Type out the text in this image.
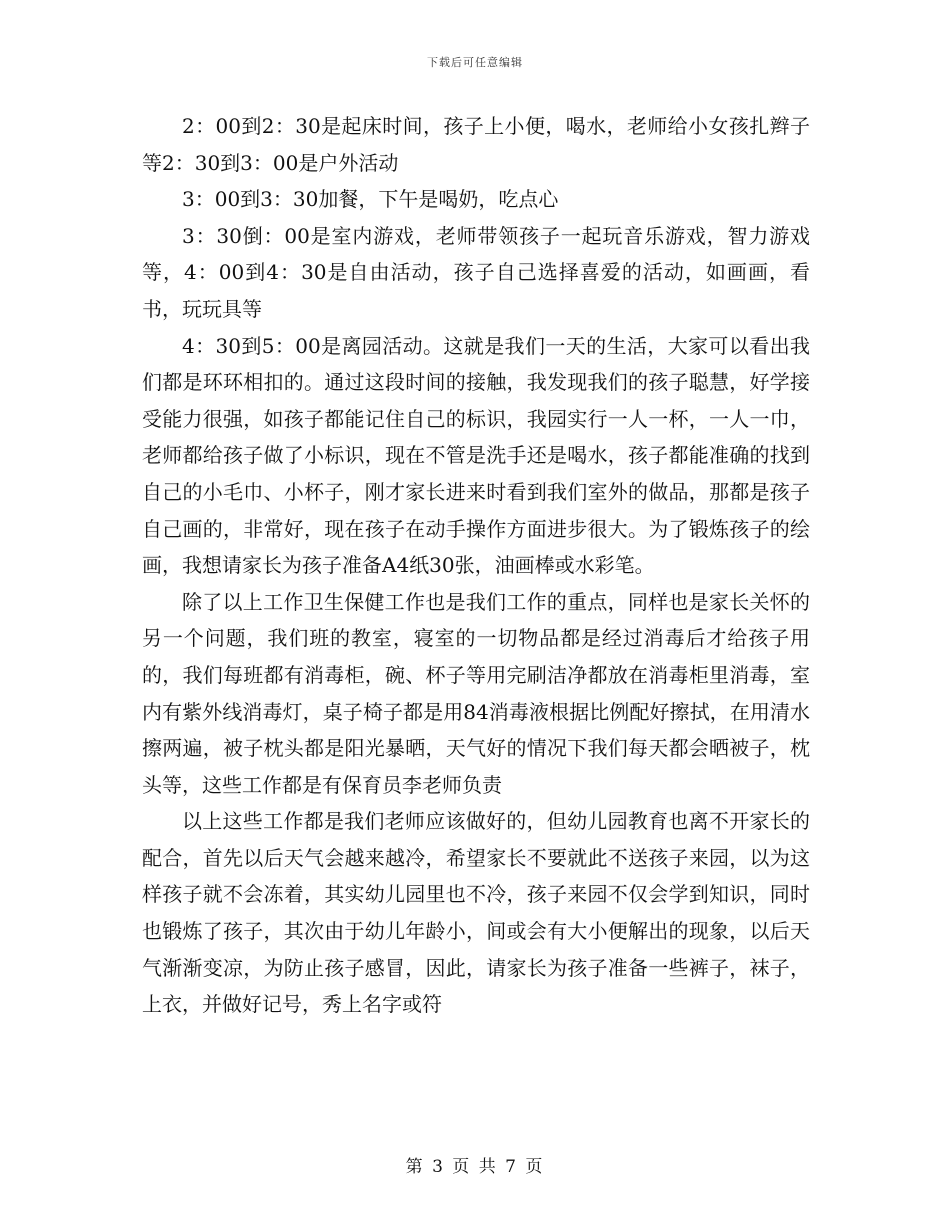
下载后可任意编辑

2：00到2：30是起床时间，孩子上小便，喝水，老师给小女孩扎辫子等2：30到3：00是户外活动

3：00到3：30加餐，下午是喝奶，吃点心

3：30倒：00是室内游戏，老师带领孩子一起玩音乐游戏，智力游戏等，4：00到4：30是自由活动，孩子自己选择喜爱的活动，如画画，看书，玩玩具等

4：30到5：00是离园活动。这就是我们一天的生活，大家可以看出我们都是环环相扣的。通过这段时间的接触，我发现我们的孩子聪慧，好学接受能力很强，如孩子都能记住自己的标识，我园实行一人一杯，一人一巾，老师都给孩子做了小标识，现在不管是洗手还是喝水，孩子都能准确的找到自己的小毛巾、小杯子，刚才家长进来时看到我们室外的做品，那都是孩子自己画的，非常好，现在孩子在动手操作方面进步很大。为了锻炼孩子的绘画，我想请家长为孩子准备A4纸30张，油画棒或水彩笔。

除了以上工作卫生保健工作也是我们工作的重点，同样也是家长关怀的另一个问题，我们班的教室，寝室的一切物品都是经过消毒后才给孩子用的，我们每班都有消毒柜，碗、杯子等用完刷洁净都放在消毒柜里消毒，室内有紫外线消毒灯，桌子椅子都是用84消毒液根据比例配好擦拭，在用清水擦两遍，被子枕头都是阳光暴晒，天气好的情况下我们每天都会晒被子，枕头等，这些工作都是有保育员李老师负责

以上这些工作都是我们老师应该做好的，但幼儿园教育也离不开家长的配合，首先以后天气会越来越冷，希望家长不要就此不送孩子来园，以为这样孩子就不会冻着，其实幼儿园里也不冷，孩子来园不仅会学到知识，同时也锻炼了孩子，其次由于幼儿年龄小，间或会有大小便解出的现象，以后天气渐渐变凉，为防止孩子感冒，因此，请家长为孩子准备一些裤子，袜子，上衣，并做好记号，秀上名字或符

第 3 页 共 7 页
